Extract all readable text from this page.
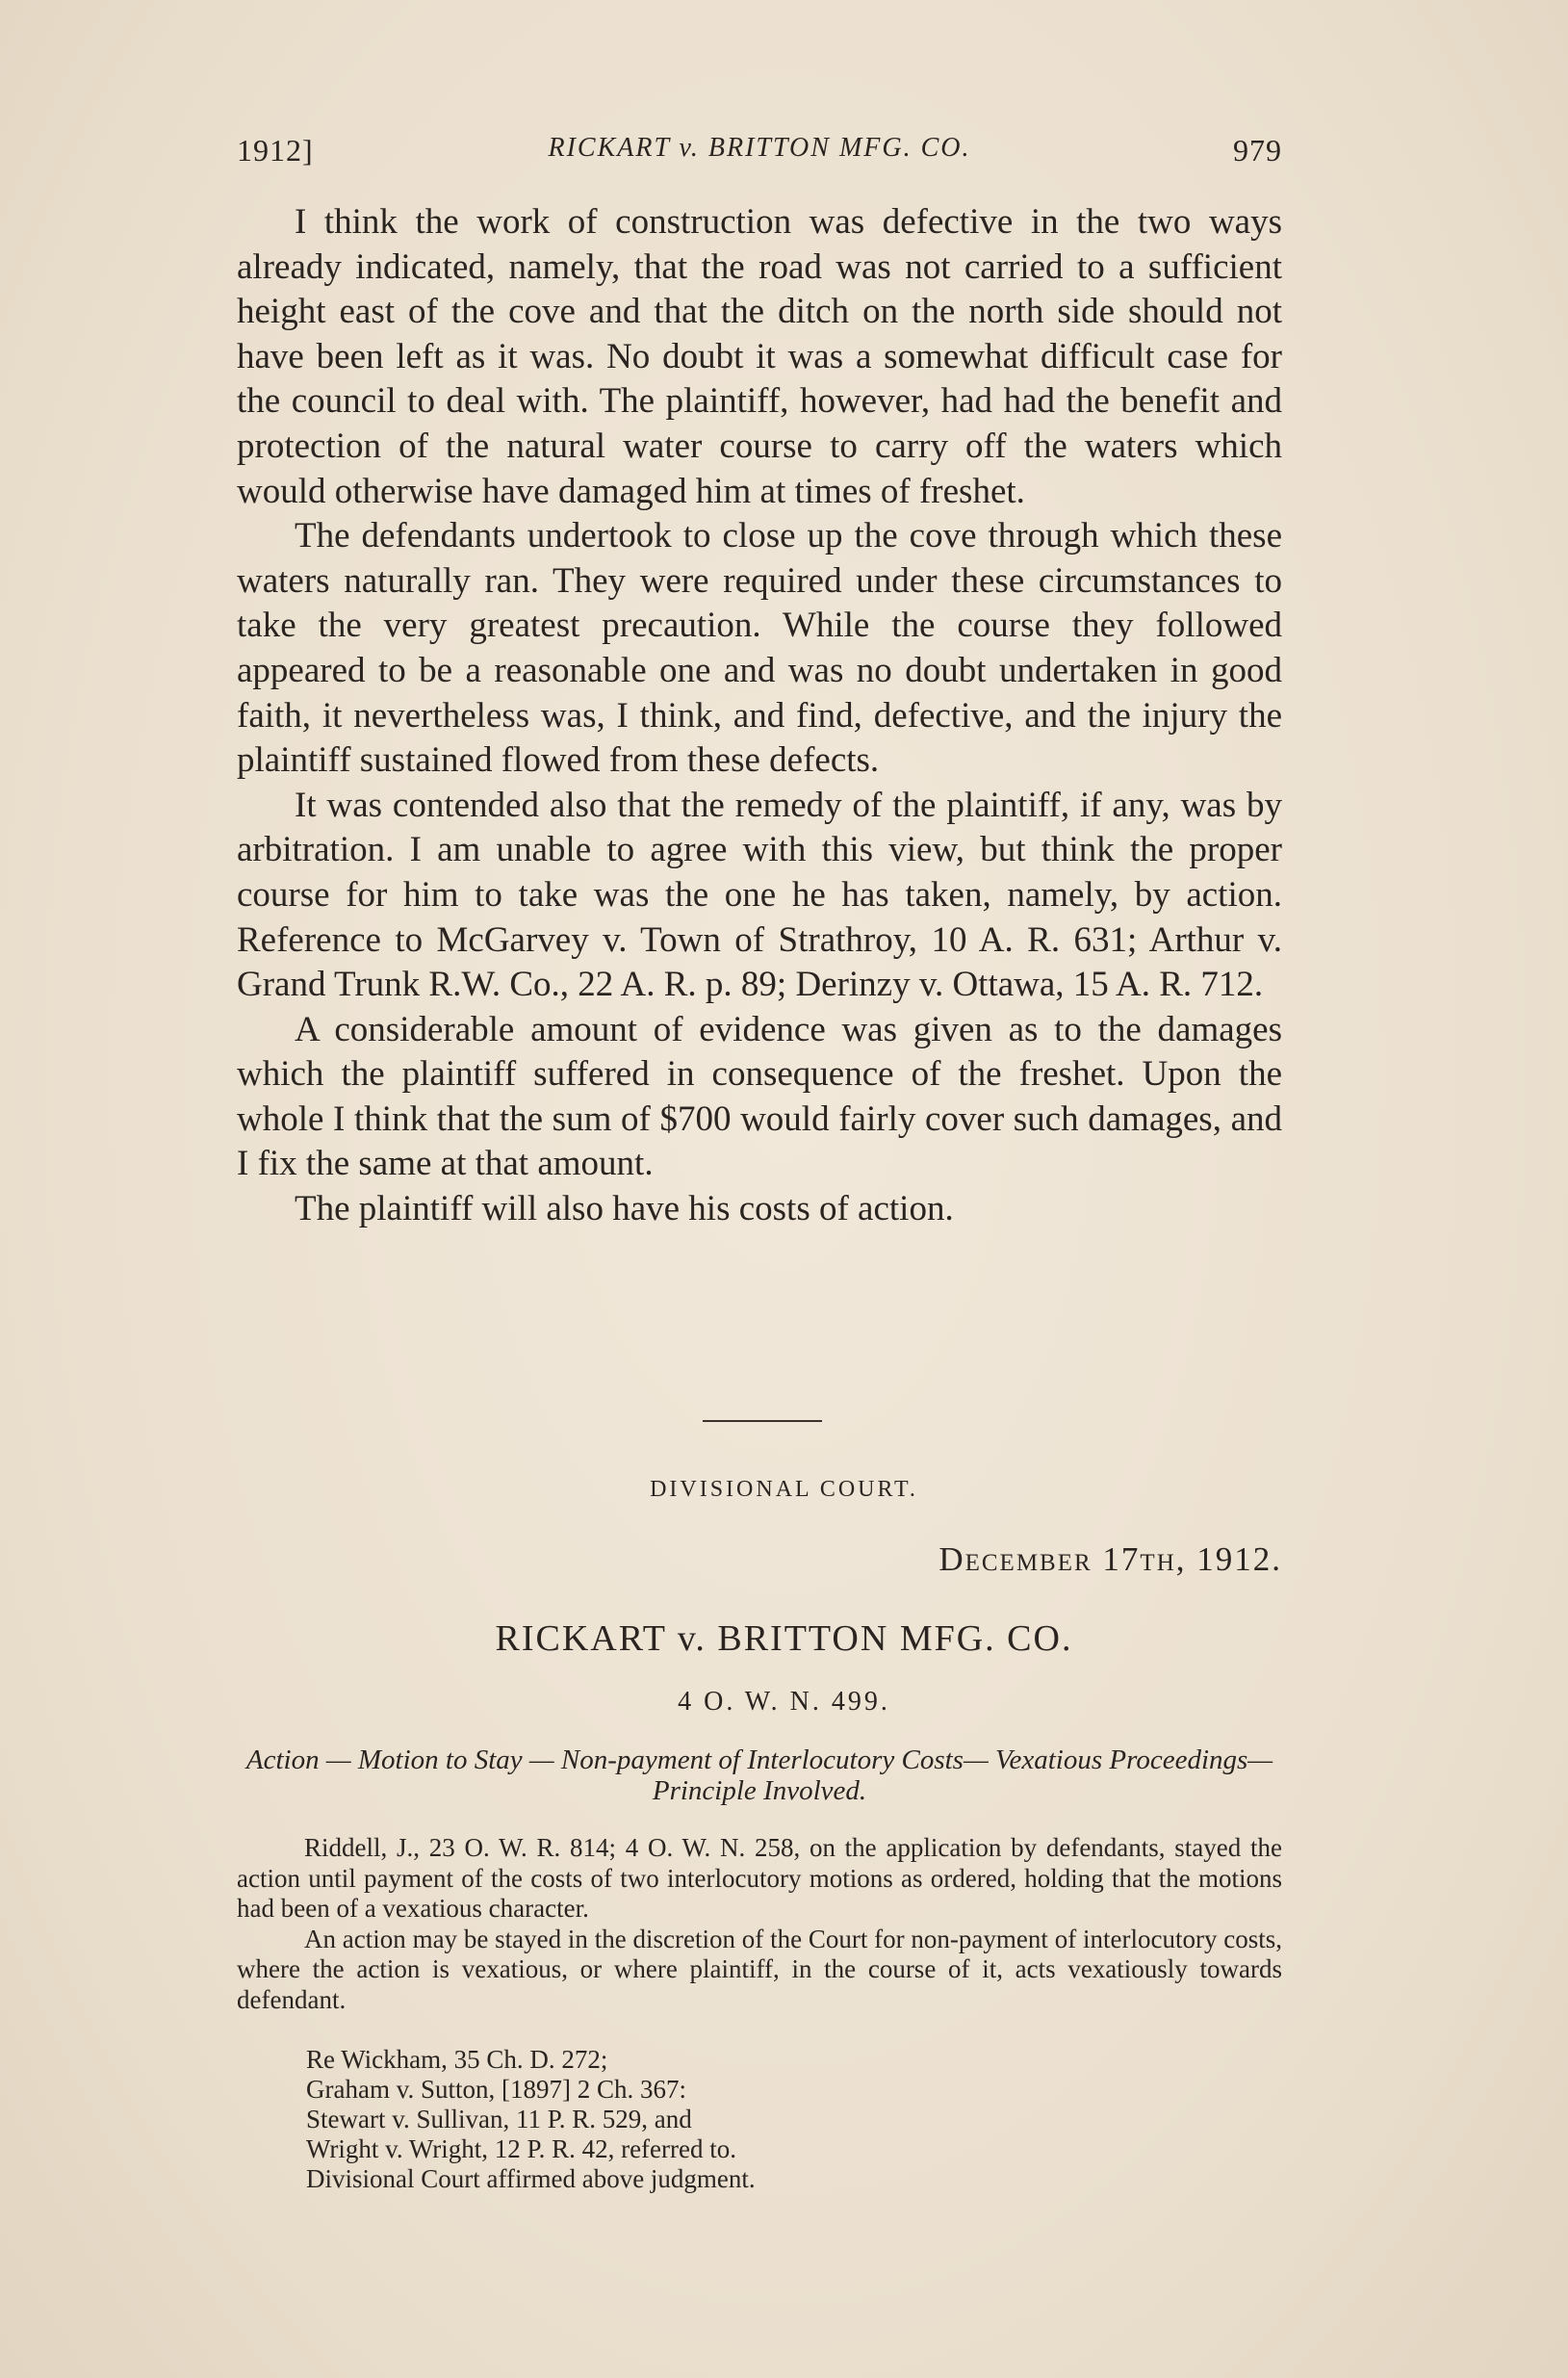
1912]	RICKART v. BRITTON MFG. CO.	979

I think the work of construction was defective in the two ways already indicated, namely, that the road was not carried to a sufficient height east of the cove and that the ditch on the north side should not have been left as it was. No doubt it was a somewhat difficult case for the council to deal with. The plaintiff, however, had had the benefit and protection of the natural water course to carry off the waters which would otherwise have damaged him at times of freshet.

The defendants undertook to close up the cove through which these waters naturally ran. They were required under these circumstances to take the very greatest precaution. While the course they followed appeared to be a reasonable one and was no doubt undertaken in good faith, it nevertheless was, I think, and find, defective, and the injury the plaintiff sustained flowed from these defects.

It was contended also that the remedy of the plaintiff, if any, was by arbitration. I am unable to agree with this view, but think the proper course for him to take was the one he has taken, namely, by action. Reference to McGarvey v. Town of Strathroy, 10 A. R. 631; Arthur v. Grand Trunk R.W. Co., 22 A. R. p. 89; Derinzy v. Ottawa, 15 A. R. 712.

A considerable amount of evidence was given as to the damages which the plaintiff suffered in consequence of the freshet. Upon the whole I think that the sum of $700 would fairly cover such damages, and I fix the same at that amount.

The plaintiff will also have his costs of action.

DIVISIONAL COURT.
December 17th, 1912.
RICKART v. BRITTON MFG. CO.
4 O. W. N. 499.
Action — Motion to Stay — Non-payment of Interlocutory Costs— Vexatious Proceedings—Principle Involved.

Riddell, J., 23 O. W. R. 814; 4 O. W. N. 258, on the application by defendants, stayed the action until payment of the costs of two interlocutory motions as ordered, holding that the motions had been of a vexatious character.

An action may be stayed in the discretion of the Court for non-payment of interlocutory costs, where the action is vexatious, or where plaintiff, in the course of it, acts vexatiously towards defendant.

Re Wickham, 35 Ch. D. 272;
Graham v. Sutton, [1897] 2 Ch. 367:
Stewart v. Sullivan, 11 P. R. 529, and
Wright v. Wright, 12 P. R. 42, referred to.
Divisional Court affirmed above judgment.
